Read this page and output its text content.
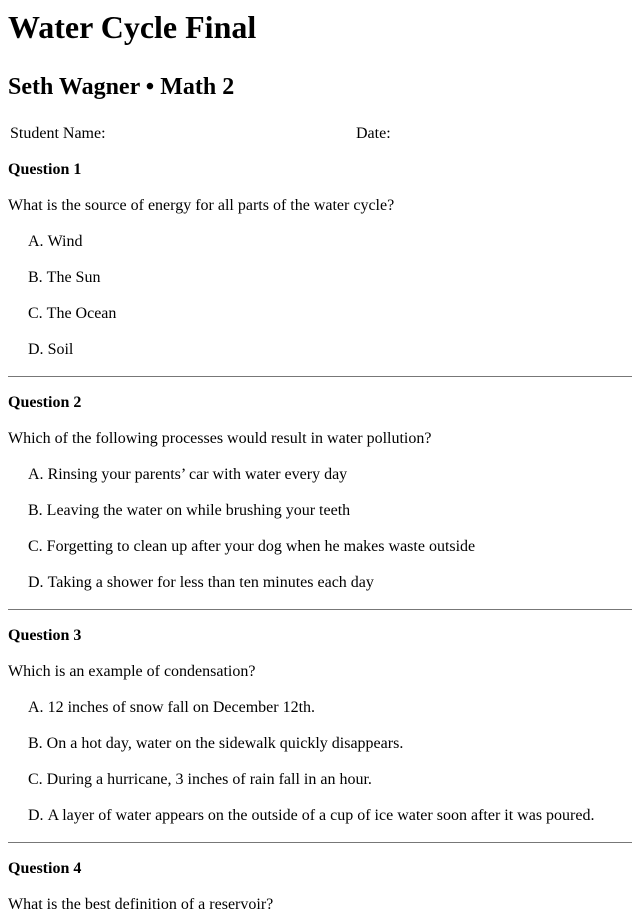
Water Cycle Final
Seth Wagner • Math 2
Student Name:	Date:
Question 1
What is the source of energy for all parts of the water cycle?
A. Wind
B. The Sun
C. The Ocean
D. Soil
Question 2
Which of the following processes would result in water pollution?
A. Rinsing your parents’ car with water every day
B. Leaving the water on while brushing your teeth
C. Forgetting to clean up after your dog when he makes waste outside
D. Taking a shower for less than ten minutes each day
Question 3
Which is an example of condensation?
A. 12 inches of snow fall on December 12th.
B. On a hot day, water on the sidewalk quickly disappears.
C. During a hurricane, 3 inches of rain fall in an hour.
D. A layer of water appears on the outside of a cup of ice water soon after it was poured.
Question 4
What is the best definition of a reservoir?
